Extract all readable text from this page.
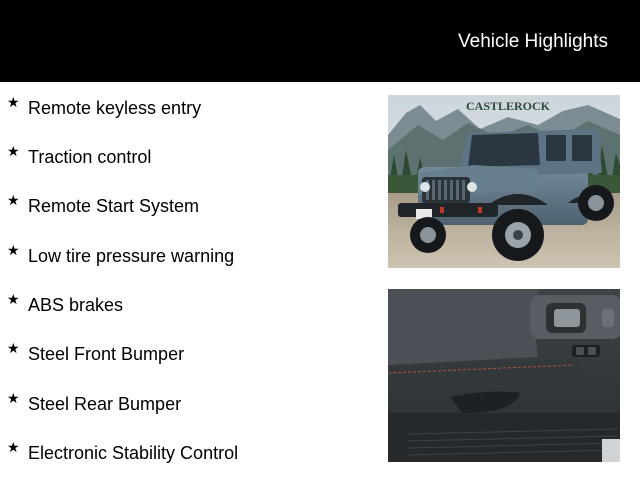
Vehicle Highlights
★ Remote keyless entry
★ Traction control
★ Remote Start System
★ Low tire pressure warning
★ ABS brakes
★ Steel Front Bumper
★ Steel Rear Bumper
★ Electronic Stability Control
CASTLEROCK
